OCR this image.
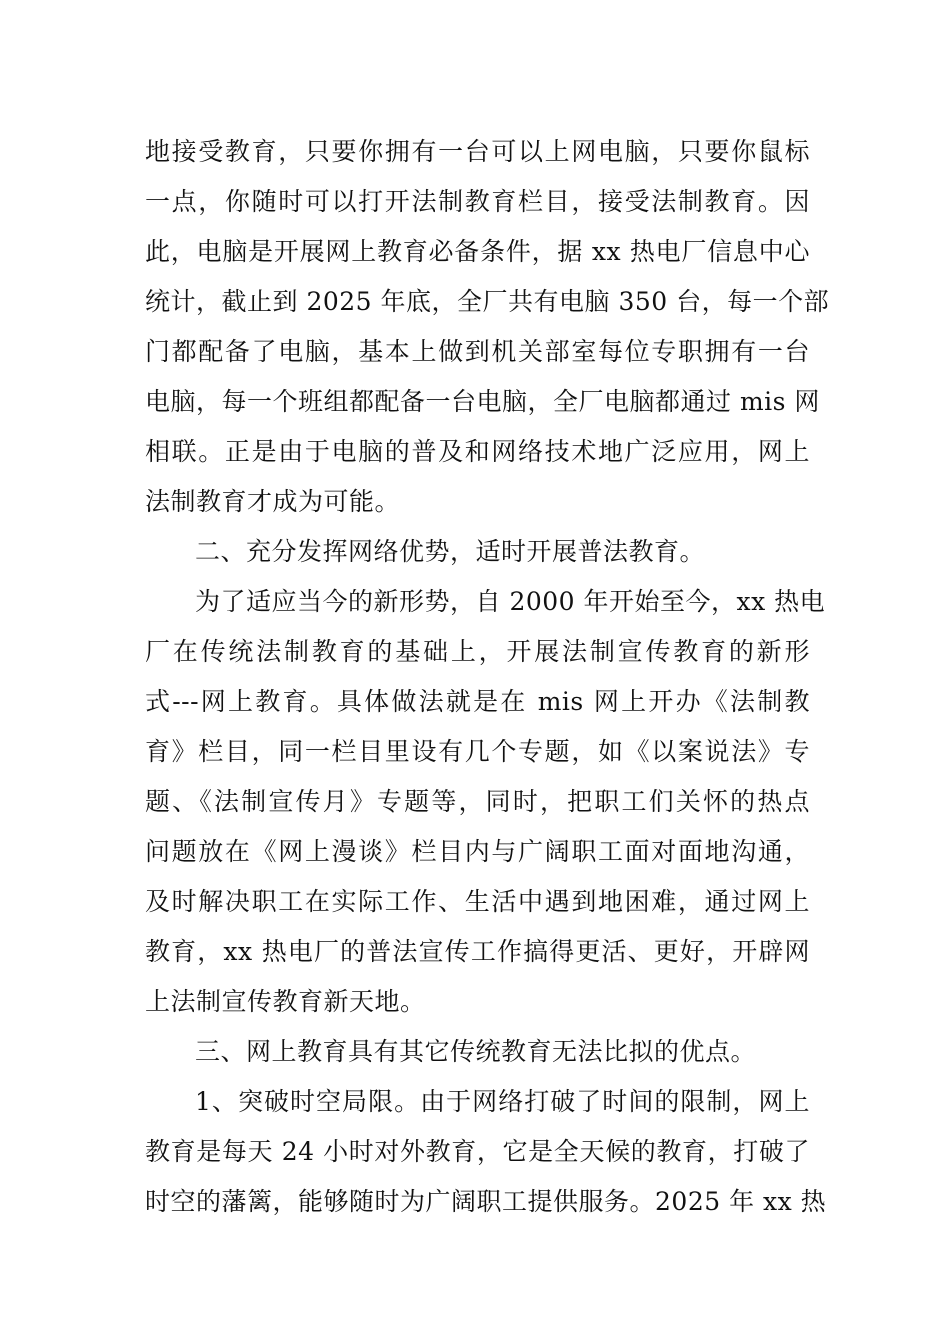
地接受教育，只要你拥有一台可以上网电脑，只要你鼠标
一点，你随时可以打开法制教育栏目，接受法制教育。因
此，电脑是开展网上教育必备条件，据 xx 热电厂信息中心
统计，截止到 2025 年底，全厂共有电脑 350 台，每一个部
门都配备了电脑，基本上做到机关部室每位专职拥有一台
电脑，每一个班组都配备一台电脑，全厂电脑都通过 mis 网
相联。正是由于电脑的普及和网络技术地广泛应用，网上
法制教育才成为可能。
二、充分发挥网络优势，适时开展普法教育。
为了适应当今的新形势，自 2000 年开始至今，xx 热电
厂在传统法制教育的基础上，开展法制宣传教育的新形
式---网上教育。具体做法就是在 mis 网上开办《法制教
育》栏目，同一栏目里设有几个专题，如《以案说法》专
题、《法制宣传月》专题等，同时，把职工们关怀的热点
问题放在《网上漫谈》栏目内与广阔职工面对面地沟通，
及时解决职工在实际工作、生活中遇到地困难，通过网上
教育，xx 热电厂的普法宣传工作搞得更活、更好，开辟网
上法制宣传教育新天地。
三、网上教育具有其它传统教育无法比拟的优点。
1、突破时空局限。由于网络打破了时间的限制，网上
教育是每天 24 小时对外教育，它是全天候的教育，打破了
时空的藩篱，能够随时为广阔职工提供服务。2025 年 xx 热
